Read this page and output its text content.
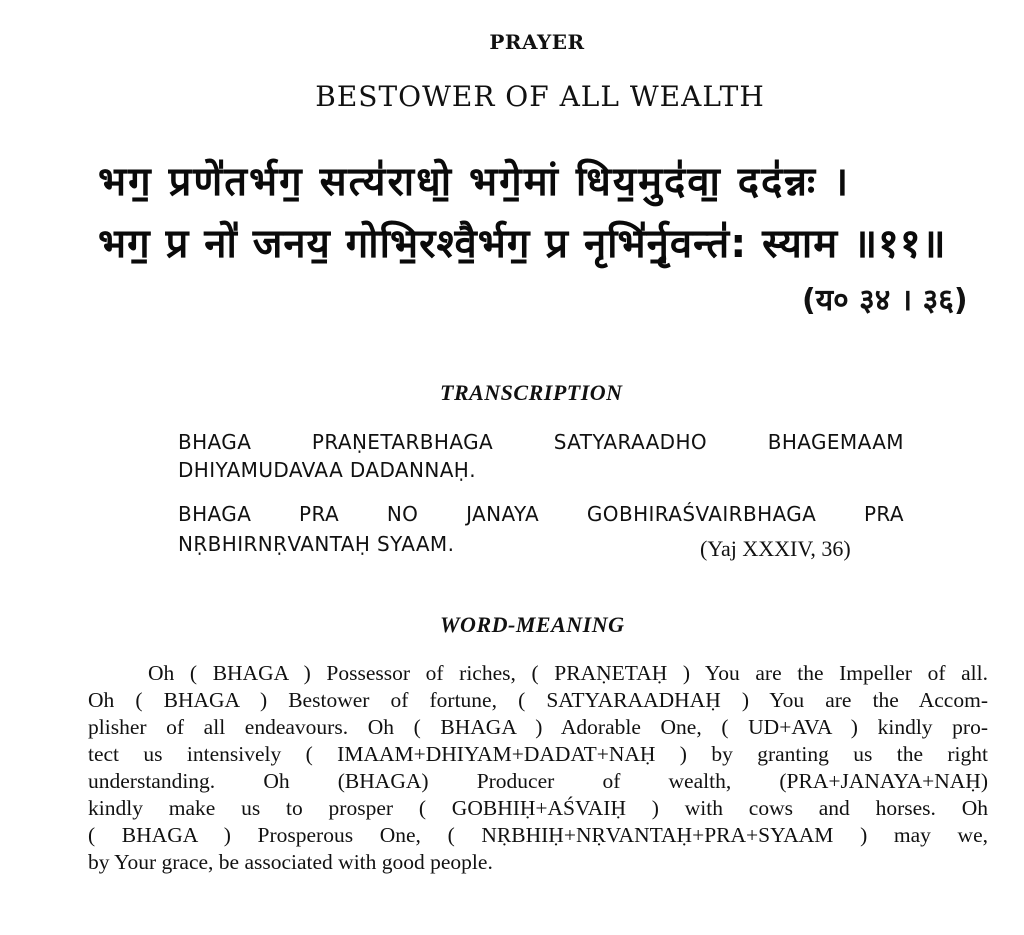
PRAYER
BESTOWER OF ALL WEALTH
भग॒ प्रणे॑तर्भग॒ सत्य॑राधो॒ भगे॒मां धिय॒मुद॑वा॒ दद॑न्नः ।
भग॒ प्र नो॑ जनय॒ गोभि॒रश्वै॒र्भग॒ प्र नृभि॑र्नृ॒वन्त॑: स्याम ॥११॥
(य० ३४ । ३६)
TRANSCRIPTION
BHAGA	PRAṆETARBHAGA	SATYARAADHO	BHAGEMAAM
DHIYAMUDAVAA DADANNAḤ.
BHAGA PRA NO JANAYA GOBHIRAŚVAIRBHAGA PRA
NṚBHIRNṚVANTAḤ SYAAM.	(Yaj XXXIV, 36)
WORD-MEANING
Oh ( BHAGA ) Possessor of riches, ( PRAṆETAḤ ) You are the Impeller of all.
Oh ( BHAGA ) Bestower of fortune, ( SATYARAADHAḤ ) You are the Accom-
plisher of all endeavours. Oh ( BHAGA ) Adorable One, ( UD+AVA ) kindly pro-
tect us intensively ( IMAAM+DHIYAM+DADAT+NAḤ ) by granting us the right
understanding. Oh (BHAGA) Producer of wealth, (PRA+JANAYA+NAḤ)
kindly make us to prosper ( GOBHIḤ+AŚVAIḤ ) with cows and horses. Oh
( BHAGA ) Prosperous One, ( NṚBHIḤ+NṚVANTAḤ+PRA+SYAAM ) may we,
by Your grace, be associated with good people.
